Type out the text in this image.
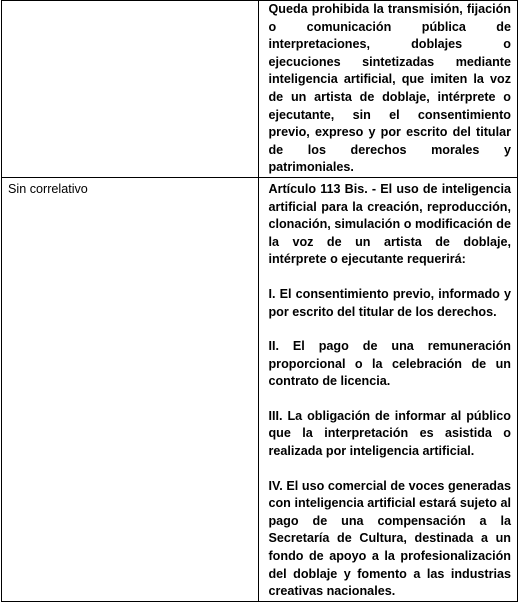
	Queda prohibida la transmisión, fijación o comunicación pública de interpretaciones, doblajes o ejecuciones sintetizadas mediante inteligencia artificial, que imiten la voz de un artista de doblaje, intérprete o ejecutante, sin el consentimiento previo, expreso y por escrito del titular de los derechos morales y patrimoniales.

Sin correlativo	Artículo 113 Bis. - El uso de inteligencia artificial para la creación, reproducción, clonación, simulación o modificación de la voz de un artista de doblaje, intérprete o ejecutante requerirá:

I. El consentimiento previo, informado y por escrito del titular de los derechos.

II. El pago de una remuneración proporcional o la celebración de un contrato de licencia.

III. La obligación de informar al público que la interpretación es asistida o realizada por inteligencia artificial.

IV. El uso comercial de voces generadas con inteligencia artificial estará sujeto al pago de una compensación a la Secretaría de Cultura, destinada a un fondo de apoyo a la profesionalización del doblaje y fomento a las industrias creativas nacionales.
